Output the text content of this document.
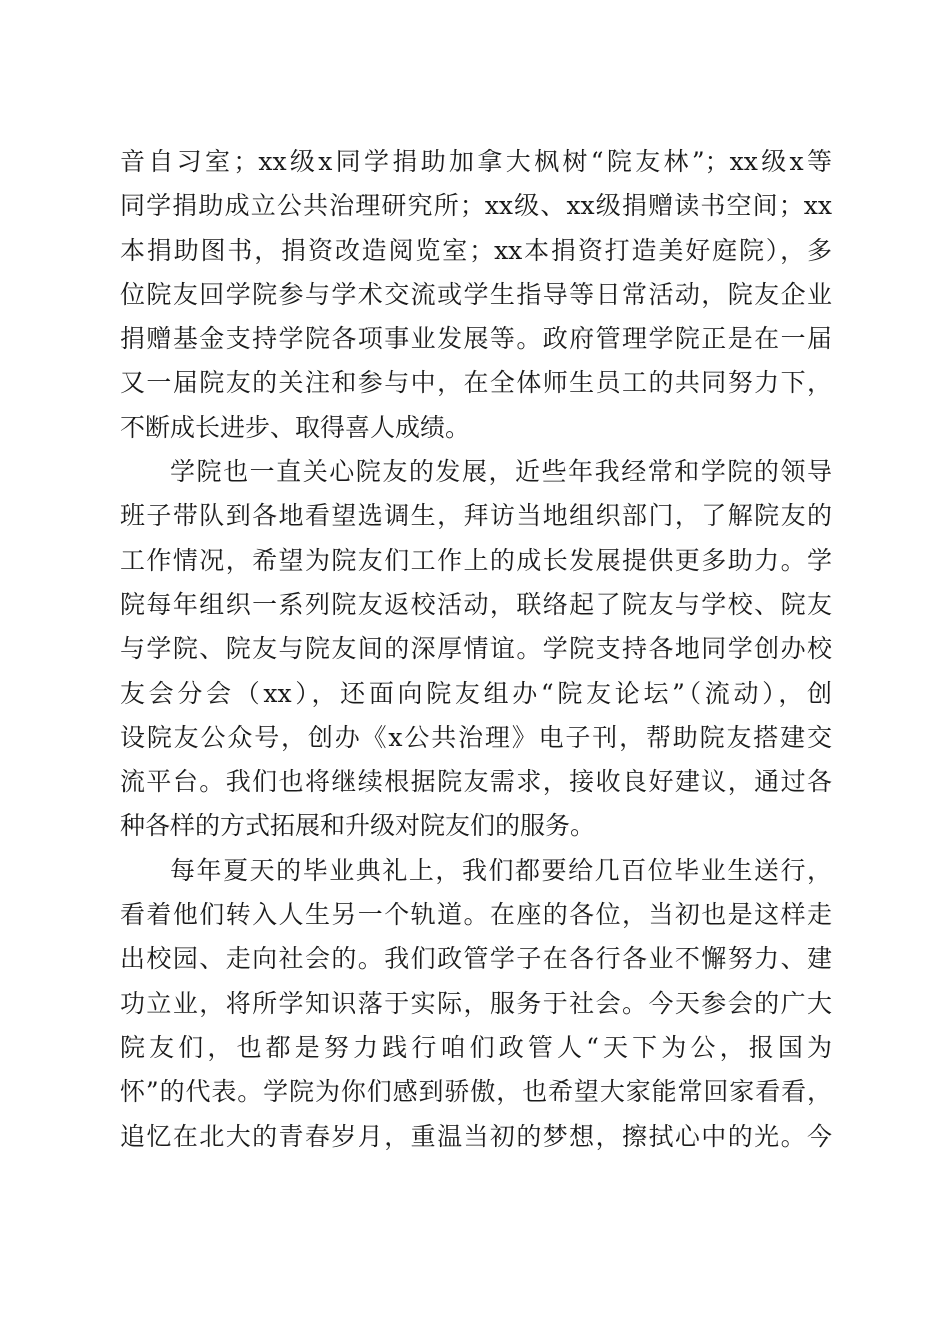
音自习室；xx级x同学捐助加拿大枫树“院友林”；xx级x等
同学捐助成立公共治理研究所；xx级、xx级捐赠读书空间；xx
本捐助图书，捐资改造阅览室；xx本捐资打造美好庭院），多
位院友回学院参与学术交流或学生指导等日常活动，院友企业
捐赠基金支持学院各项事业发展等。政府管理学院正是在一届
又一届院友的关注和参与中，在全体师生员工的共同努力下，
不断成长进步、取得喜人成绩。
学院也一直关心院友的发展，近些年我经常和学院的领导
班子带队到各地看望选调生，拜访当地组织部门，了解院友的
工作情况，希望为院友们工作上的成长发展提供更多助力。学
院每年组织一系列院友返校活动，联络起了院友与学校、院友
与学院、院友与院友间的深厚情谊。学院支持各地同学创办校
友会分会（xx），还面向院友组办“院友论坛”（流动），创
设院友公众号，创办《x公共治理》电子刊，帮助院友搭建交
流平台。我们也将继续根据院友需求，接收良好建议，通过各
种各样的方式拓展和升级对院友们的服务。
每年夏天的毕业典礼上，我们都要给几百位毕业生送行，
看着他们转入人生另一个轨道。在座的各位，当初也是这样走
出校园、走向社会的。我们政管学子在各行各业不懈努力、建
功立业，将所学知识落于实际，服务于社会。今天参会的广大
院友们，也都是努力践行咱们政管人“天下为公，报国为
怀”的代表。学院为你们感到骄傲，也希望大家能常回家看看，
追忆在北大的青春岁月，重温当初的梦想，擦拭心中的光。今
